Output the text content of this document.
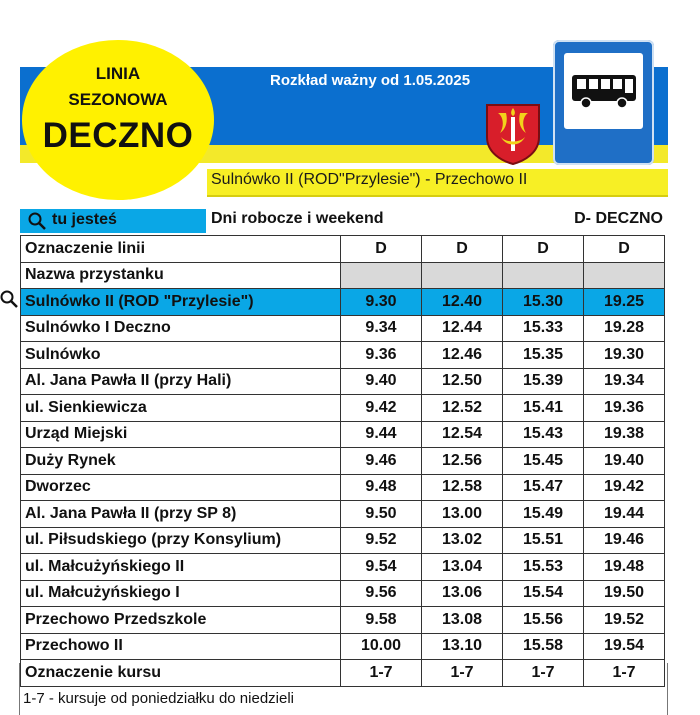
Sulnówko II (ROD"Przylesie") - Przechowo II
LINIA
SEZONOWA
DECZNO
Rozkład ważny od 1.05.2025
tu jesteś	Dni robocze i weekend	D- DECZNO
Oznaczenie linii	D	D	D	D
Nazwa przystanku				
Sulnówko II (ROD "Przylesie")	9.30	12.40	15.30	19.25
Sulnówko I Deczno	9.34	12.44	15.33	19.28
Sulnówko	9.36	12.46	15.35	19.30
Al. Jana Pawła II (przy Hali)	9.40	12.50	15.39	19.34
ul. Sienkiewicza	9.42	12.52	15.41	19.36
Urząd Miejski	9.44	12.54	15.43	19.38
Duży Rynek	9.46	12.56	15.45	19.40
Dworzec	9.48	12.58	15.47	19.42
Al. Jana Pawła II (przy SP 8)	9.50	13.00	15.49	19.44
ul. Piłsudskiego (przy Konsylium)	9.52	13.02	15.51	19.46
ul. Małcużyńskiego II	9.54	13.04	15.53	19.48
ul. Małcużyńskiego I	9.56	13.06	15.54	19.50
Przechowo Przedszkole	9.58	13.08	15.56	19.52
Przechowo II	10.00	13.10	15.58	19.54
Oznaczenie kursu	1-7	1-7	1-7	1-7
1-7 - kursuje od poniedziałku do niedzieli
